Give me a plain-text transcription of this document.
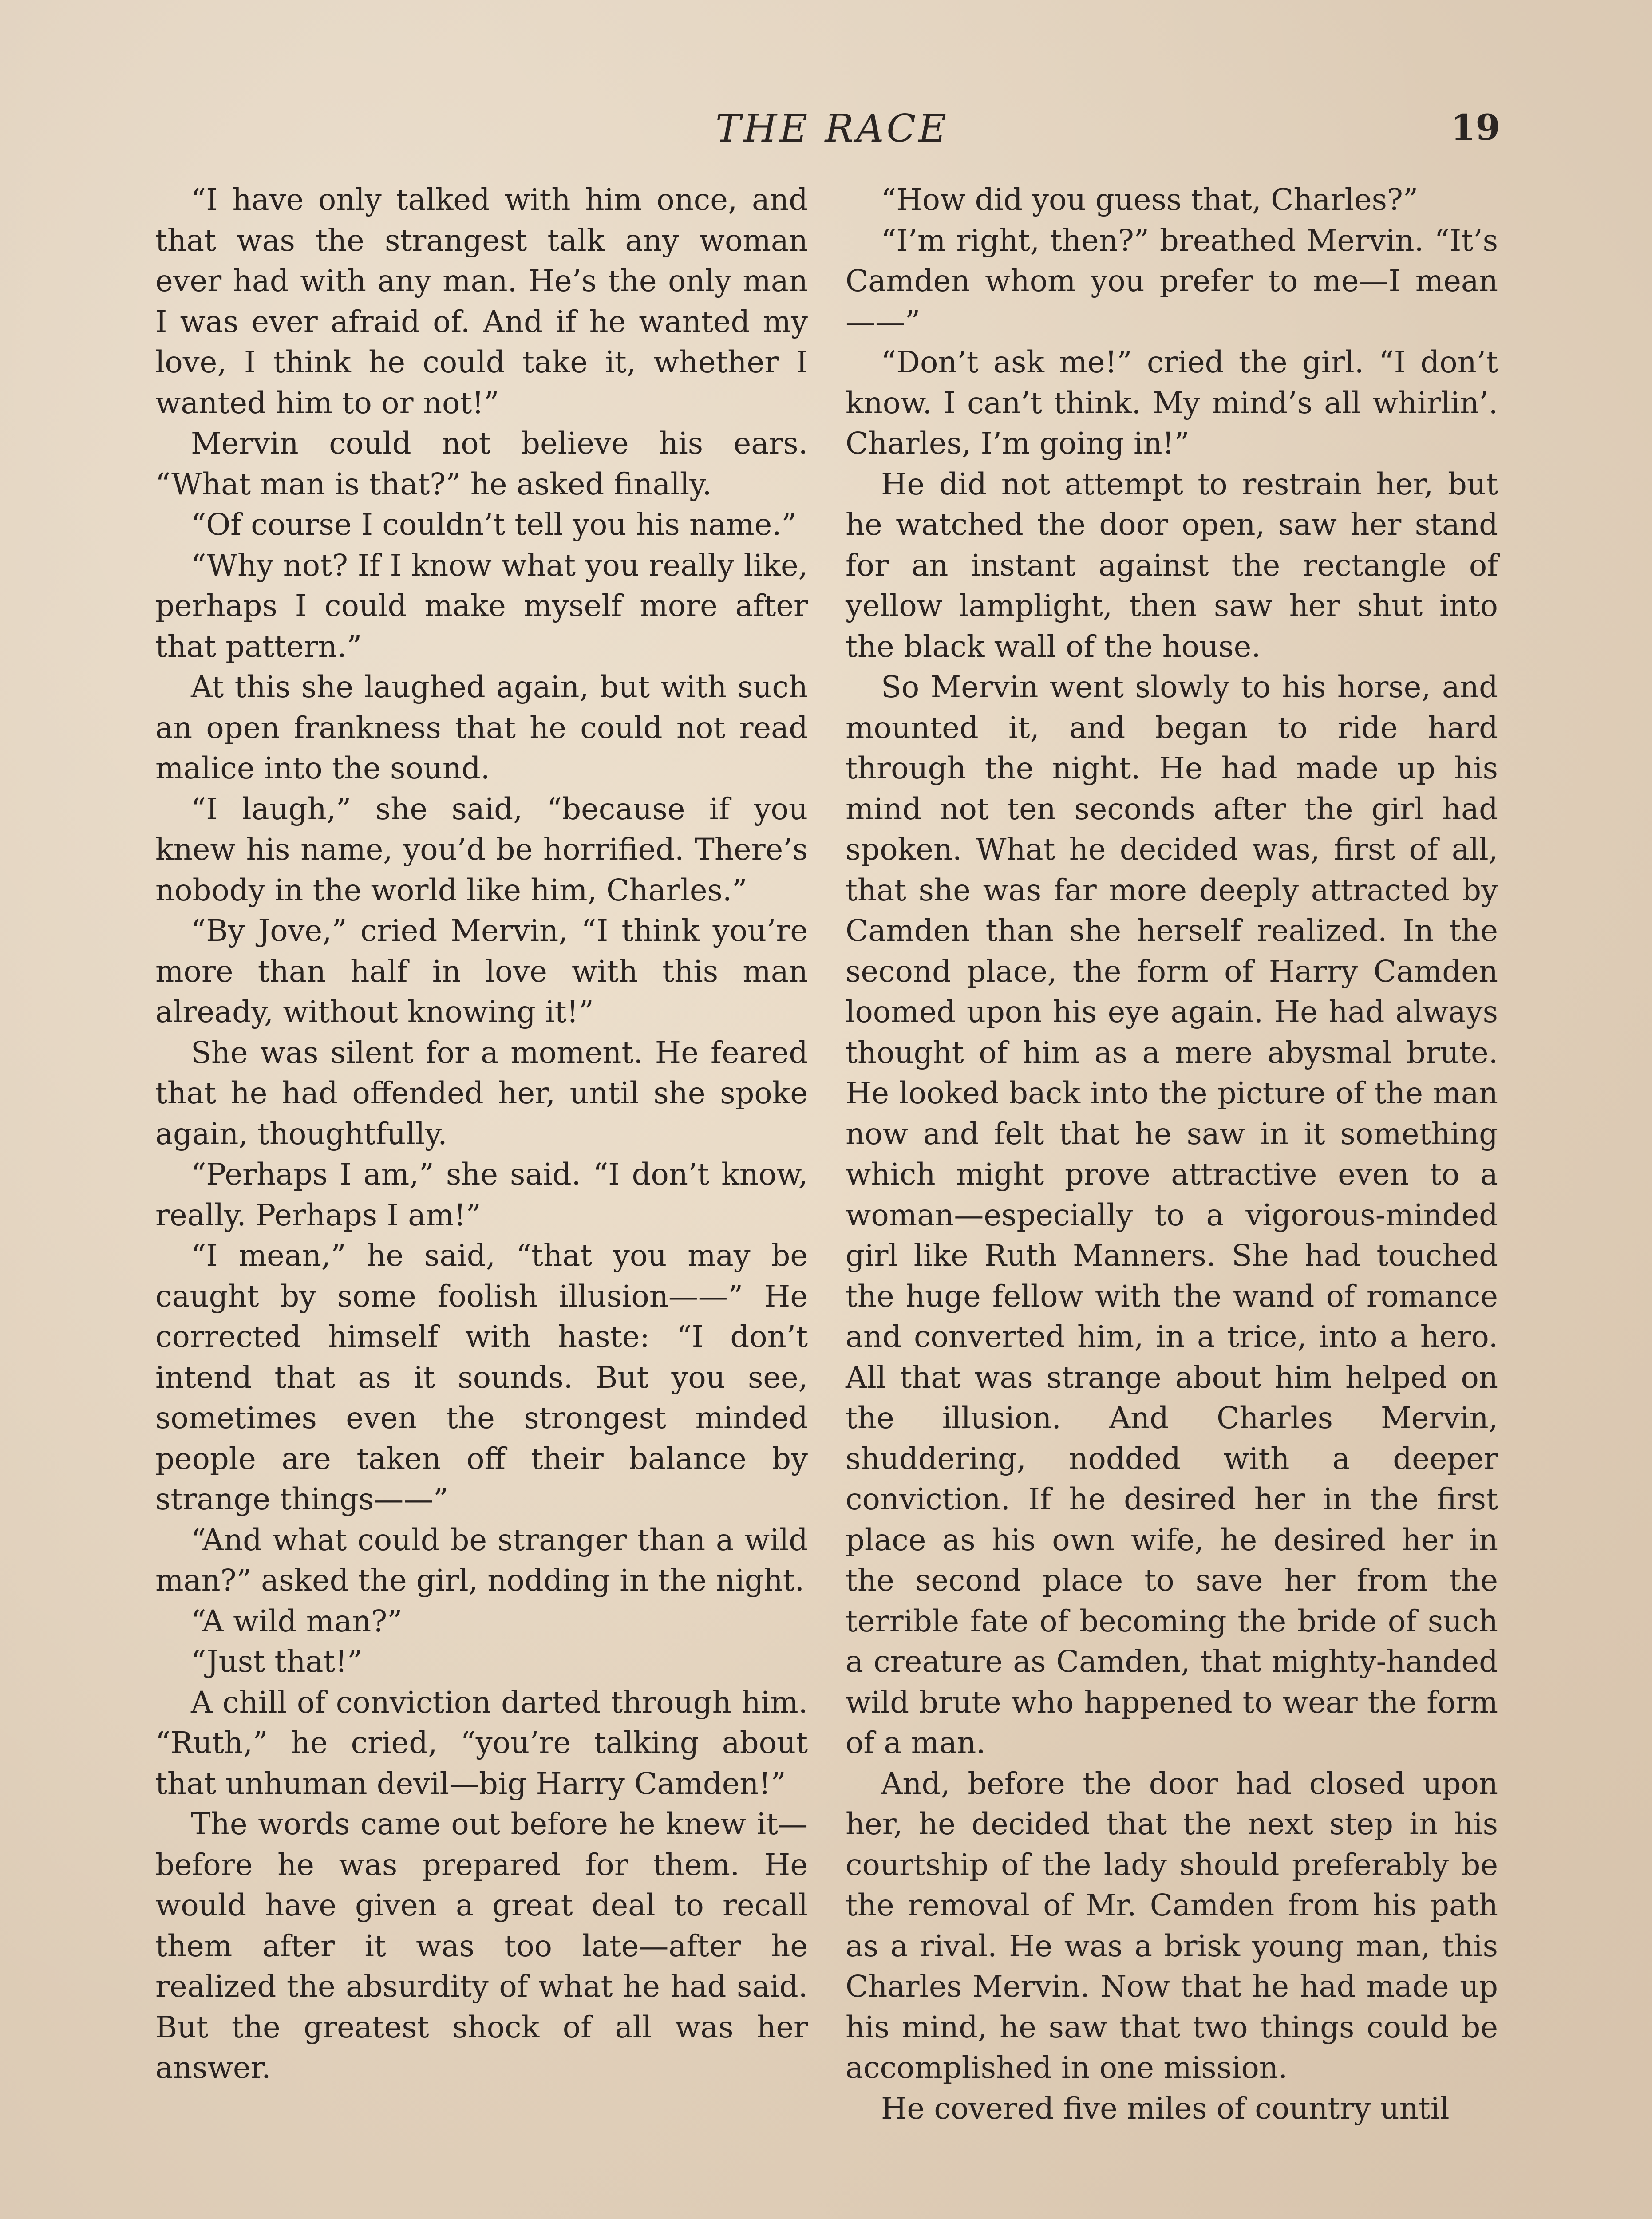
THE RACE	19

“I have only talked with him once, and that was the strangest talk any woman ever had with any man. He’s the only man I was ever afraid of. And if he wanted my love, I think he could take it, whether I wanted him to or not!”

Mervin could not believe his ears. “What man is that?” he asked finally.

“Of course I couldn’t tell you his name.”

“Why not? If I know what you really like, perhaps I could make myself more after that pattern.”

At this she laughed again, but with such an open frankness that he could not read malice into the sound.

“I laugh,” she said, “because if you knew his name, you’d be horrified. There’s nobody in the world like him, Charles.”

“By Jove,” cried Mervin, “I think you’re more than half in love with this man already, without knowing it!”

She was silent for a moment. He feared that he had offended her, until she spoke again, thoughtfully.

“Perhaps I am,” she said. “I don’t know, really. Perhaps I am!”

“I mean,” he said, “that you may be caught by some foolish illusion——” He corrected himself with haste: “I don’t intend that as it sounds. But you see, sometimes even the strongest minded people are taken off their balance by strange things——”

“And what could be stranger than a wild man?” asked the girl, nodding in the night.

“A wild man?”

“Just that!”

A chill of conviction darted through him. “Ruth,” he cried, “you’re talking about that unhuman devil—big Harry Camden!”

The words came out before he knew it—before he was prepared for them. He would have given a great deal to recall them after it was too late—after he realized the absurdity of what he had said. But the greatest shock of all was her answer.

“How did you guess that, Charles?”

“I’m right, then?” breathed Mervin. “It’s Camden whom you prefer to me—I mean——”

“Don’t ask me!” cried the girl. “I don’t know. I can’t think. My mind’s all whirlin’. Charles, I’m going in!”

He did not attempt to restrain her, but he watched the door open, saw her stand for an instant against the rectangle of yellow lamplight, then saw her shut into the black wall of the house.

So Mervin went slowly to his horse, and mounted it, and began to ride hard through the night. He had made up his mind not ten seconds after the girl had spoken. What he decided was, first of all, that she was far more deeply attracted by Camden than she herself realized. In the second place, the form of Harry Camden loomed upon his eye again. He had always thought of him as a mere abysmal brute. He looked back into the picture of the man now and felt that he saw in it something which might prove attractive even to a woman—especially to a vigorous-minded girl like Ruth Manners. She had touched the huge fellow with the wand of romance and converted him, in a trice, into a hero. All that was strange about him helped on the illusion. And Charles Mervin, shuddering, nodded with a deeper conviction. If he desired her in the first place as his own wife, he desired her in the second place to save her from the terrible fate of becoming the bride of such a creature as Camden, that mighty-handed wild brute who happened to wear the form of a man.

And, before the door had closed upon her, he decided that the next step in his courtship of the lady should preferably be the removal of Mr. Camden from his path as a rival. He was a brisk young man, this Charles Mervin. Now that he had made up his mind, he saw that two things could be accomplished in one mission.

He covered five miles of country until
